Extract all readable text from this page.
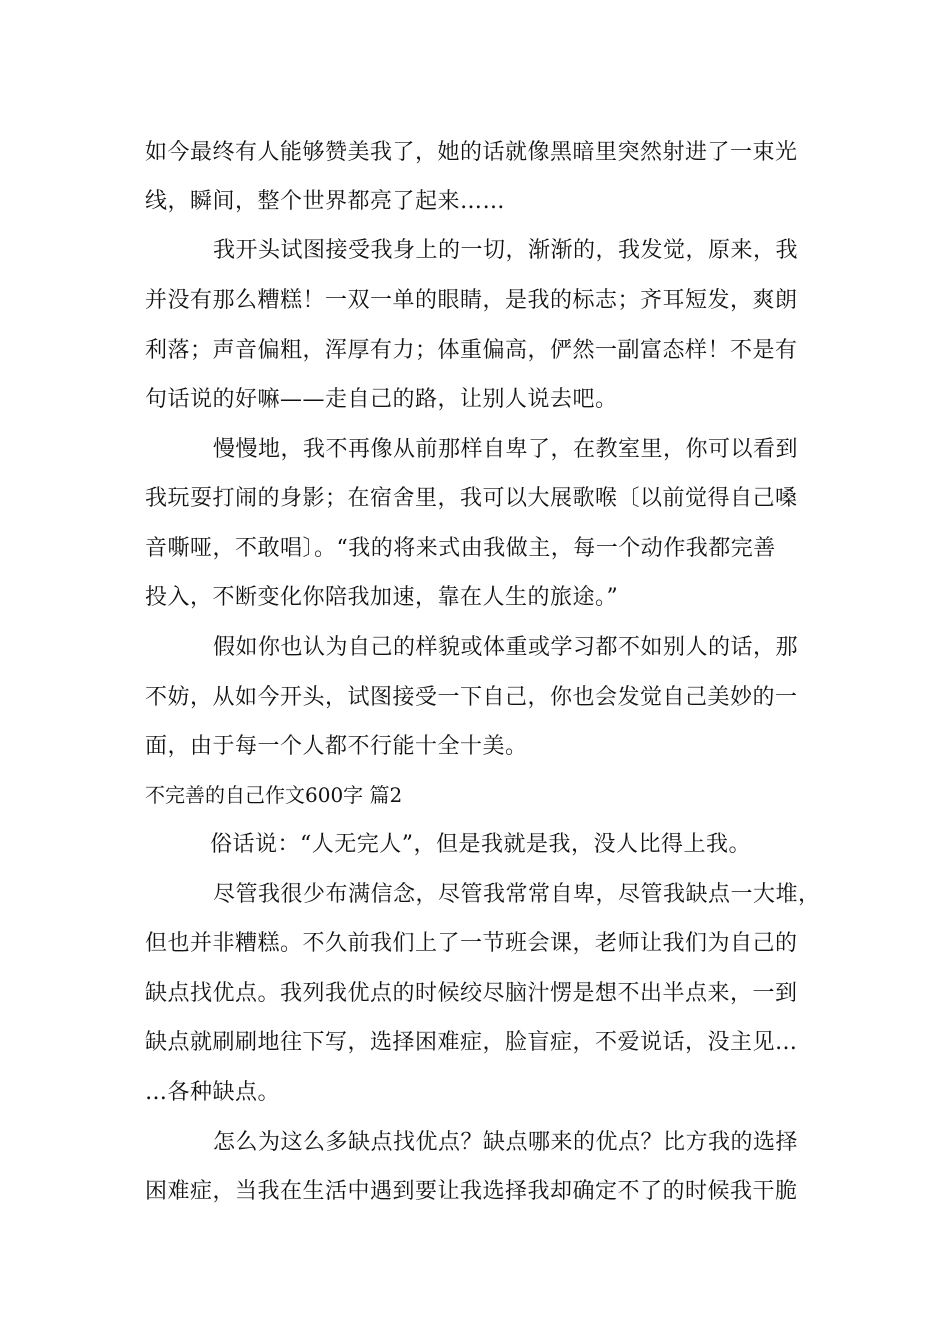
如今最终有人能够赞美我了，她的话就像黑暗里突然射进了一束光
线，瞬间，整个世界都亮了起来……
我开头试图接受我身上的一切，渐渐的，我发觉，原来，我
并没有那么糟糕！一双一单的眼睛，是我的标志；齐耳短发，爽朗
利落；声音偏粗，浑厚有力；体重偏高，俨然一副富态样！不是有
句话说的好嘛——走自己的路，让别人说去吧。
慢慢地，我不再像从前那样自卑了，在教室里，你可以看到
我玩耍打闹的身影；在宿舍里，我可以大展歌喉〔以前觉得自己嗓
音嘶哑，不敢唱〕。“我的将来式由我做主，每一个动作我都完善
投入，不断变化你陪我加速，靠在人生的旅途。”
假如你也认为自己的样貌或体重或学习都不如别人的话，那
不妨，从如今开头，试图接受一下自己，你也会发觉自己美妙的一
面，由于每一个人都不行能十全十美。
不完善的自己作文600字 篇2
俗话说：“人无完人”，但是我就是我，没人比得上我。
尽管我很少布满信念，尽管我常常自卑，尽管我缺点一大堆，
但也并非糟糕。不久前我们上了一节班会课，老师让我们为自己的
缺点找优点。我列我优点的时候绞尽脑汁愣是想不出半点来，一到
缺点就刷刷地往下写，选择困难症，脸盲症，不爱说话，没主见…
…各种缺点。
怎么为这么多缺点找优点？缺点哪来的优点？比方我的选择
困难症，当我在生活中遇到要让我选择我却确定不了的时候我干脆
